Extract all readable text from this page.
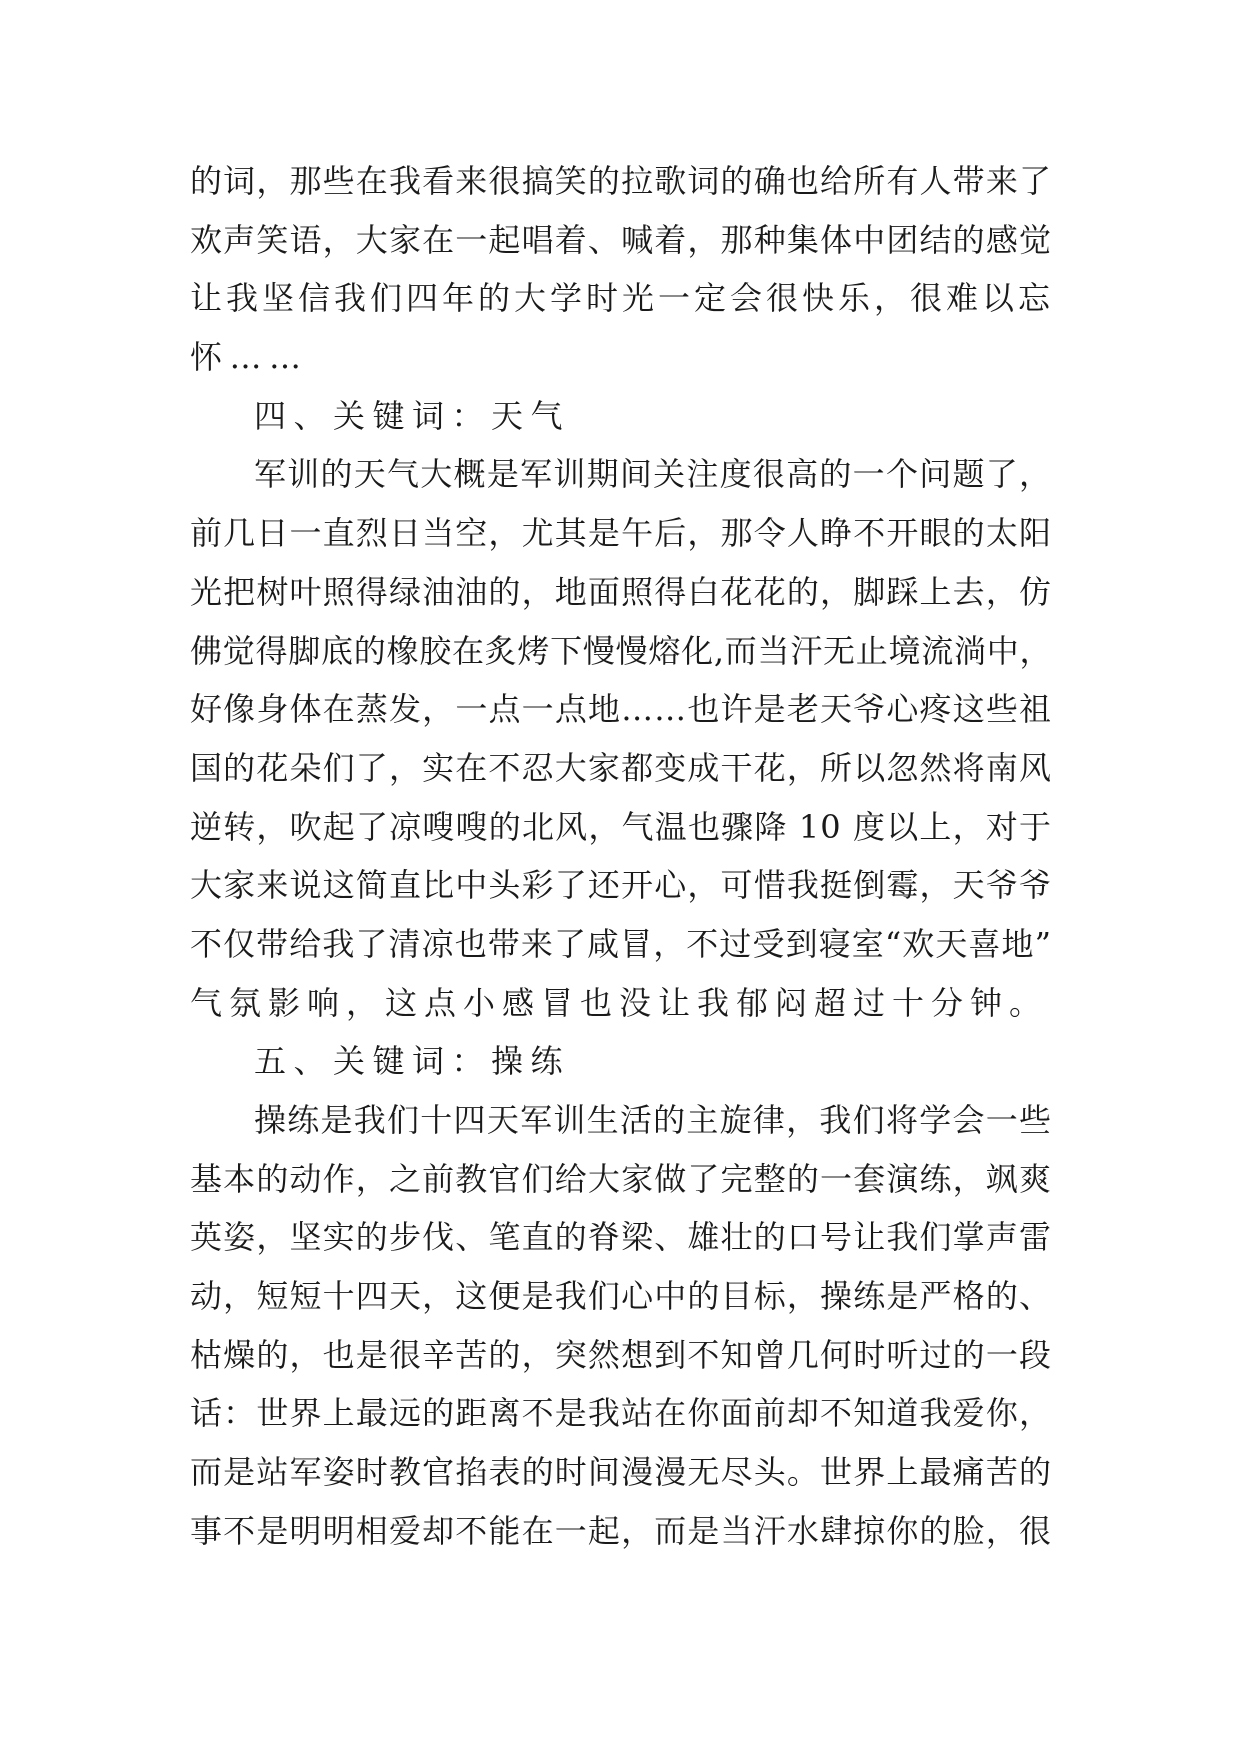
的词，那些在我看来很搞笑的拉歌词的确也给所有人带来了
欢声笑语，大家在一起唱着、喊着，那种集体中团结的感觉
让我坚信我们四年的大学时光一定会很快乐，很难以忘
怀……
四、关键词：天气
军训的天气大概是军训期间关注度很高的一个问题了，
前几日一直烈日当空，尤其是午后，那令人睁不开眼的太阳
光把树叶照得绿油油的，地面照得白花花的，脚踩上去，仿
佛觉得脚底的橡胶在炙烤下慢慢熔化,而当汗无止境流淌中，
好像身体在蒸发，一点一点地……也许是老天爷心疼这些祖
国的花朵们了，实在不忍大家都变成干花，所以忽然将南风
逆转，吹起了凉嗖嗖的北风，气温也骤降 10 度以上，对于
大家来说这简直比中头彩了还开心，可惜我挺倒霉，天爷爷
不仅带给我了清凉也带来了咸冒，不过受到寝室“欢天喜地”
气氛影响，这点小感冒也没让我郁闷超过十分钟。
五、关键词：操练
操练是我们十四天军训生活的主旋律，我们将学会一些
基本的动作，之前教官们给大家做了完整的一套演练，飒爽
英姿，坚实的步伐、笔直的脊梁、雄壮的口号让我们掌声雷
动，短短十四天，这便是我们心中的目标，操练是严格的、
枯燥的，也是很辛苦的，突然想到不知曾几何时听过的一段
话：世界上最远的距离不是我站在你面前却不知道我爱你，
而是站军姿时教官掐表的时间漫漫无尽头。世界上最痛苦的
事不是明明相爱却不能在一起，而是当汗水肆掠你的脸，很
